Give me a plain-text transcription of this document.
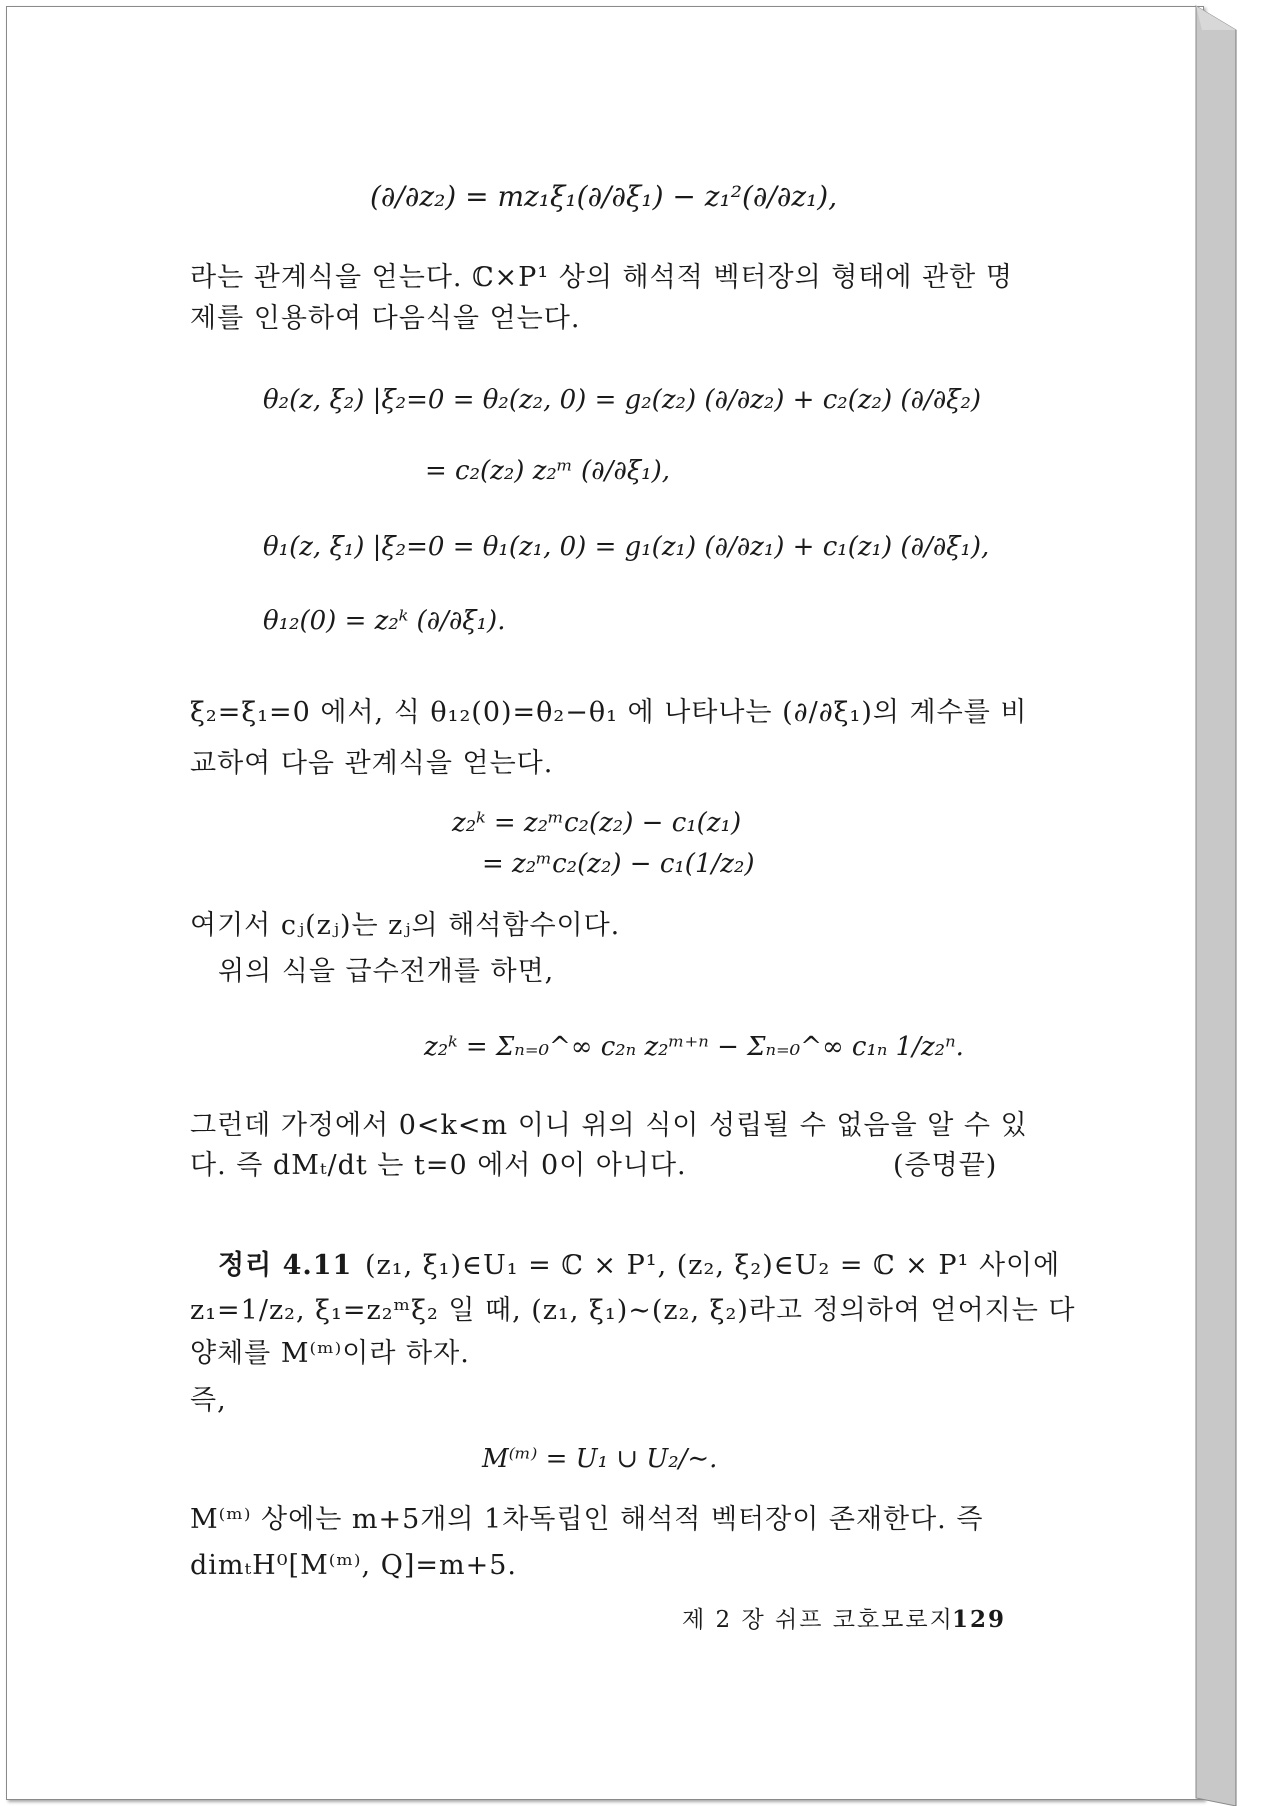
(∂/∂z₂) = mz₁ξ₁(∂/∂ξ₁) − z₁²(∂/∂z₁),
라는 관계식을 얻는다. ℂ×P¹ 상의 해석적 벡터장의 형태에 관한 명
제를 인용하여 다음식을 얻는다.
θ₂(z, ξ₂) |ξ₂=0 = θ₂(z₂, 0) = g₂(z₂) (∂/∂z₂) + c₂(z₂) (∂/∂ξ₂)
= c₂(z₂) z₂ᵐ (∂/∂ξ₁),
θ₁(z, ξ₁) |ξ₂=0 = θ₁(z₁, 0) = g₁(z₁) (∂/∂z₁) + c₁(z₁) (∂/∂ξ₁),
θ₁₂(0) = z₂ᵏ (∂/∂ξ₁).
ξ₂=ξ₁=0 에서, 식 θ₁₂(0)=θ₂−θ₁ 에 나타나는 (∂/∂ξ₁)의 계수를 비
교하여 다음 관계식을 얻는다.
z₂ᵏ = z₂ᵐc₂(z₂) − c₁(z₁)
= z₂ᵐc₂(z₂) − c₁(1/z₂)
여기서 cⱼ(zⱼ)는 zⱼ의 해석함수이다.
위의 식을 급수전개를 하면,
z₂ᵏ = Σₙ₌₀^∞ c₂ₙ z₂ᵐ⁺ⁿ − Σₙ₌₀^∞ c₁ₙ 1/z₂ⁿ.
그런데 가정에서 0<k<m 이니 위의 식이 성립될 수 없음을 알 수 있
다. 즉 dMₜ/dt 는 t=0 에서 0이 아니다.	(증명끝)
정리 4.11 (z₁, ξ₁)∈U₁ = ℂ × P¹, (z₂, ξ₂)∈U₂ = ℂ × P¹ 사이에
z₁=1/z₂, ξ₁=z₂ᵐξ₂ 일 때, (z₁, ξ₁)∼(z₂, ξ₂)라고 정의하여 얻어지는 다
양체를 M⁽ᵐ⁾이라 하자.
즉,
M⁽ᵐ⁾ = U₁ ∪ U₂/∼.
M⁽ᵐ⁾ 상에는 m+5개의 1차독립인 해석적 벡터장이 존재한다. 즉
dimₜH⁰[M⁽ᵐ⁾, Q]=m+5.
제 2 장 쉬프 코호모로지
129
